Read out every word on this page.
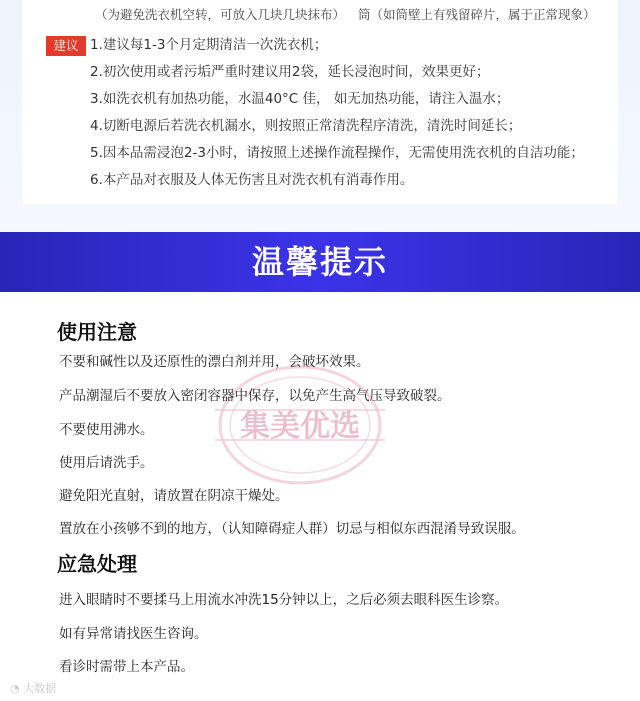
（为避免洗衣机空转，可放入几块几块抹布） 筒（如筒壁上有残留碎片，属于正常现象）
建议 1.建议每1-3个月定期清洁一次洗衣机；
2.初次使用或者污垢严重时建议用2袋，延长浸泡时间，效果更好；
3.如洗衣机有加热功能，水温40°C 佳， 如无加热功能，请注入温水；
4.切断电源后若洗衣机漏水，则按照正常清洗程序清洗，清洗时间延长；
5.因本品需浸泡2-3小时，请按照上述操作流程操作，无需使用洗衣机的自洁功能；
6.本产品对衣服及人体无伤害且对洗衣机有消毒作用。
温馨提示
集美优选
使用注意
不要和碱性以及还原性的漂白剂并用，会破坏效果。
产品潮湿后不要放入密闭容器中保存，以免产生高气压导致破裂。
不要使用沸水。
使用后请洗手。
避免阳光直射，请放置在阴凉干燥处。
置放在小孩够不到的地方，（认知障碍症人群）切忌与相似东西混淆导致误服。
应急处理
进入眼睛时不要揉马上用流水冲洗15分钟以上，之后必须去眼科医生诊察。
如有异常请找医生咨询。
看诊时需带上本产品。
◔ 大数据
